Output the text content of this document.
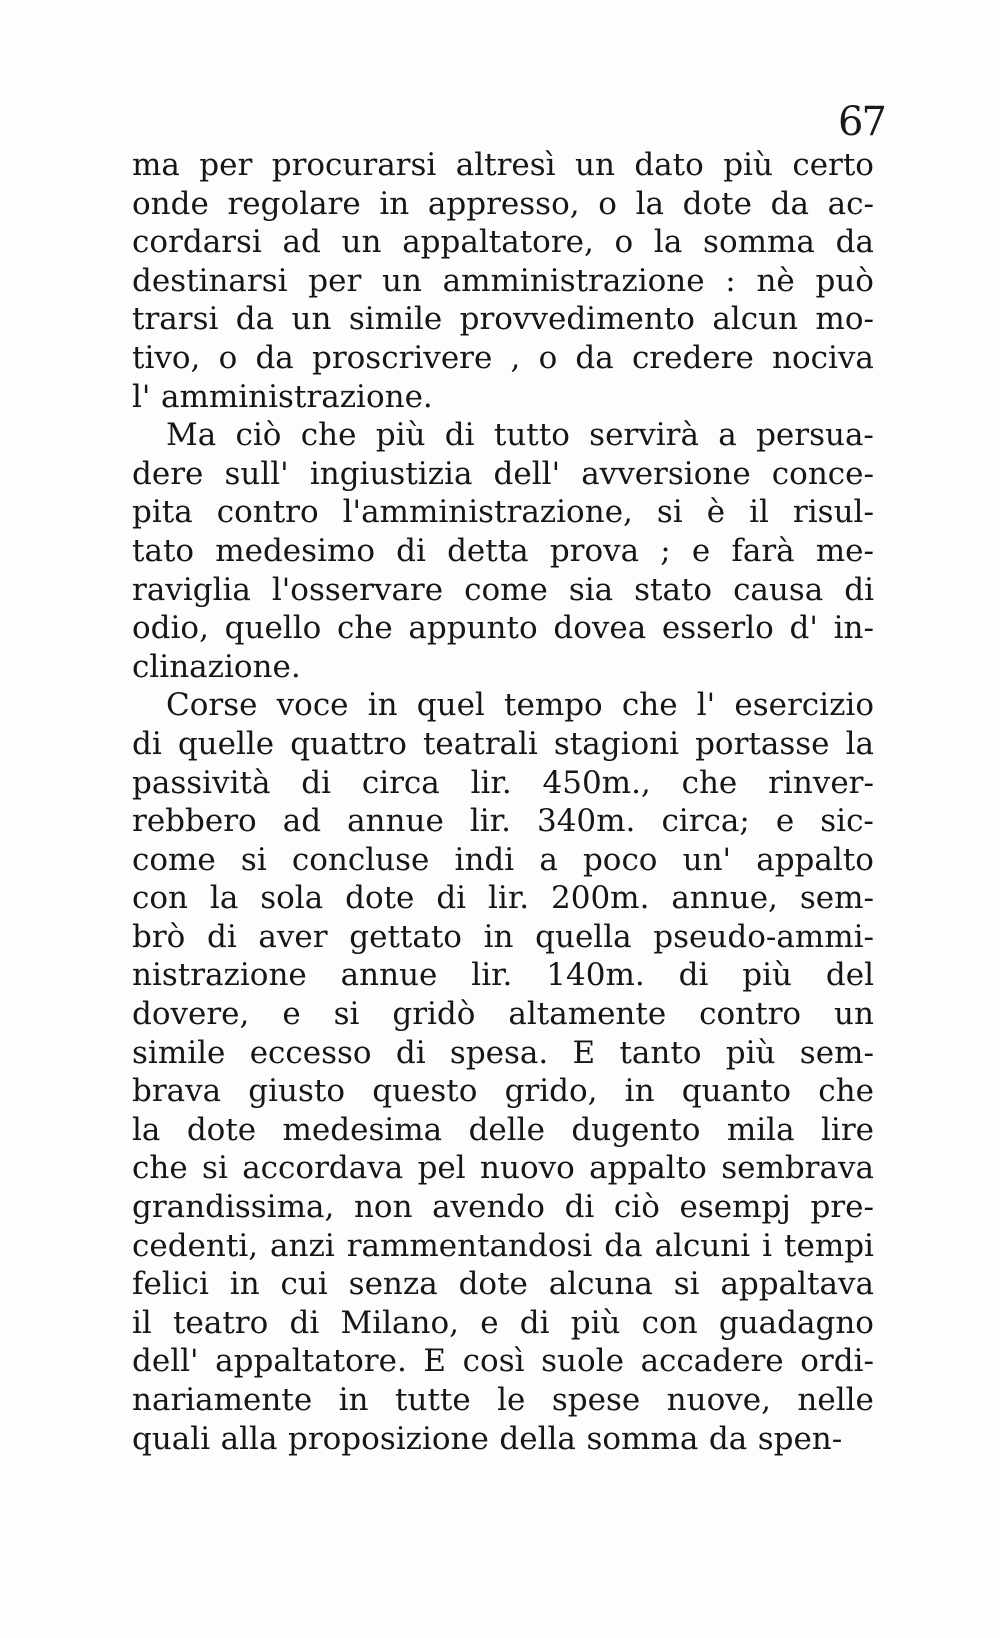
67
ma per procurarsi altresì un dato più certo
onde regolare in appresso, o la dote da ac-
cordarsi ad un appaltatore, o la somma da
destinarsi per un amministrazione : nè può
trarsi da un simile provvedimento alcun mo-
tivo, o da proscrivere , o da credere nociva
l' amministrazione.
Ma ciò che più di tutto servirà a persua-
dere sull' ingiustizia dell' avversione conce-
pita contro l'amministrazione, si è il risul-
tato medesimo di detta prova ; e farà me-
raviglia l'osservare come sia stato causa di
odio, quello che appunto dovea esserlo d' in-
clinazione.
Corse voce in quel tempo che l' esercizio
di quelle quattro teatrali stagioni portasse la
passività di circa lir. 450m., che rinver-
rebbero ad annue lir. 340m. circa; e sic-
come si concluse indi a poco un' appalto
con la sola dote di lir. 200m. annue, sem-
brò di aver gettato in quella pseudo-ammi-
nistrazione annue lir. 140m. di più del
dovere, e si gridò altamente contro un
simile eccesso di spesa. E tanto più sem-
brava giusto questo grido, in quanto che
la dote medesima delle dugento mila lire
che si accordava pel nuovo appalto sembrava
grandissima, non avendo di ciò esempj pre-
cedenti, anzi rammentandosi da alcuni i tempi
felici in cui senza dote alcuna si appaltava
il teatro di Milano, e di più con guadagno
dell' appaltatore. E così suole accadere ordi-
nariamente in tutte le spese nuove, nelle
quali alla proposizione della somma da spen-
